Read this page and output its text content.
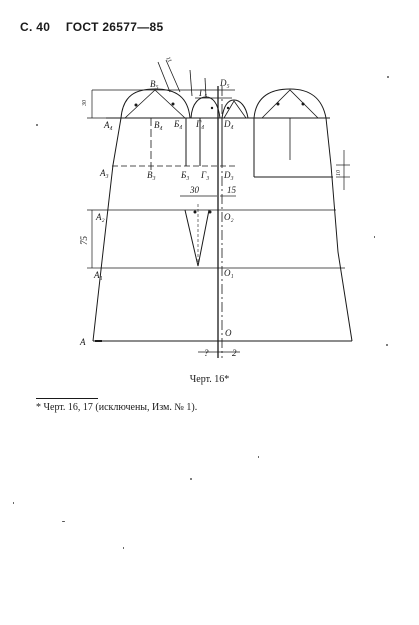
С. 40 ГОСТ 26577—85
B₅	D₅
Г₅
A₄	B₄ Б₄ Г₄ D₄
A₃	B₃	Б₃ Г₃ D₃
A₂	O₂
A₁	O₁
A
O
30
30	15
75
10
?	2
11
Черт. 16*
* Черт. 16, 17 (исключены, Изм. № 1).
